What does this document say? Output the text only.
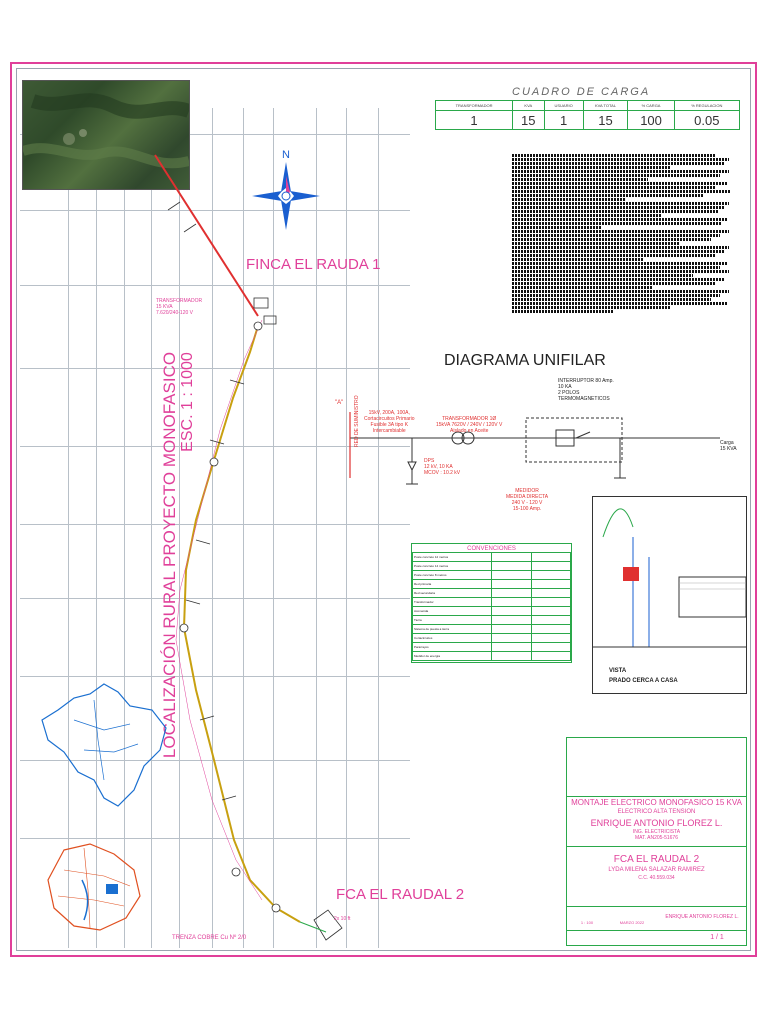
N
FINCA EL RAUDA 1
FCA EL RAUDAL 2
LOCALIZACIÓN RURAL PROYECTO MONOFASICO ESC. 1 : 1000
TRANSFORMADOR
15 KVA
7.620/240-120 V
TRENZA COBRE Cu Nº 2/0
2x 10 ft
CUADRO DE CARGA
TRANSFORMADOR	KVA	USUARIO	KVA TOTAL	% CARGA	% REGULACION
1	15	1	15	100	0.05

DIAGRAMA UNIFILAR
"A" RED DE SUMINISTRO	15kV, 200A, 100A,
Cortacircuitos Primario
Fusible 3A tipo K
Intercambiable
TRANSFORMADOR 1Ø
15kVA 7620V / 240V / 120V V
Aislado en Aceite
INTERRUPTOR 80 Amp.
10 KA
2 POLOS
TERMOMAGNETICOS
DPS
12 kV, 10 KA
MCOV : 10.2 kV
MEDIDOR
MEDIDA DIRECTA
240 V - 120 V
15-100 Amp.
Carga
15 KVA
CONVENCIONES
Poste concreto 12 metros		
Poste concreto 14 metros		
Poste concreto 8 metros		
Red primaria		
Red secundaria		
Transformador		
Acometida		
Tierra		
Sistema de puesta a tierra		
Cortacircuitos		
Pararrayos		
Medidor de energía		
VISTA
PRADO CERCA A CASA
MONTAJE ELECTRICO MONOFASICO 15 KVA
ELECTRICO ALTA TENSION
ENRIQUE ANTONIO FLOREZ L.
ING. ELECTRICISTA
MAT. AN205-51676
FCA EL RAUDAL 2
LYDA MILENA SALAZAR RAMIREZ
C.C. 40.559.034
ENRIQUE ANTONIO FLOREZ L.
1 : 100	MARZO 2022
1 / 1
